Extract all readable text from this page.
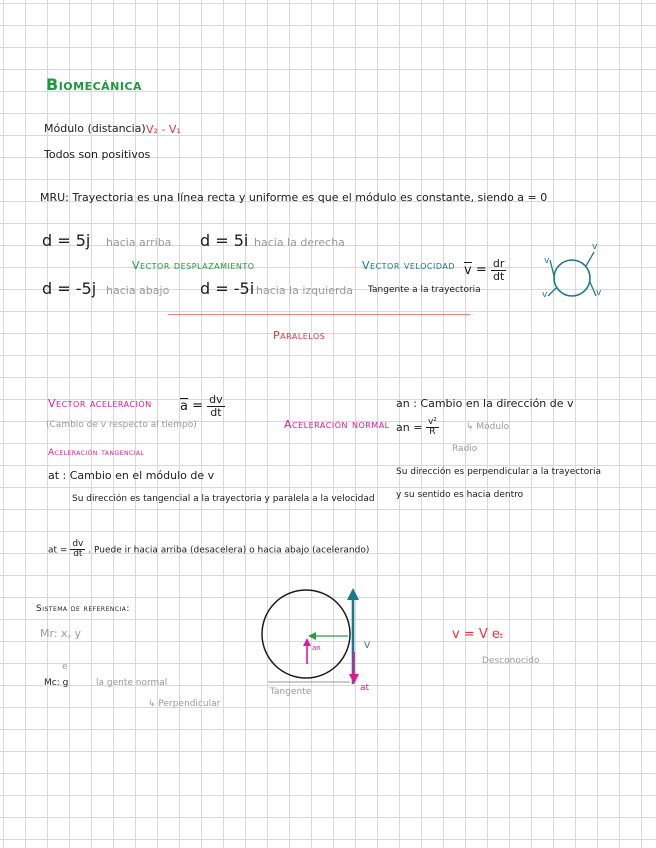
Biomecánica
Módulo (distancia) V₂ - V₁
Todos son positivos
MRU: Trayectoria es una línea recta y uniforme es que el módulo es constante, siendo a = 0
d = 5j hacia arriba d = 5i hacia la derecha
Vector desplazamiento
d = -5j hacia abajo d = -5i hacia la izquierda
Vector velocidad $v = \frac{dr}{dt}$
Tangente a la trayectoria
v
v
v
v
Paralelos
Vector aceleración $a = \frac{dv}{dt}$
(Cambio de v respecto al tiempo)	Aceleración normal
an : Cambio en la dirección de v
an = $\frac{\text{v²}}{R}$	↳ Módulo
Radio
Su dirección es perpendicular a la trayectoria
y su sentido es hacia dentro
Aceleración tangencial
at : Cambio en el módulo de v
Su dirección es tangencial a la trayectoria y paralela a la velocidad
at = $\frac{dv}{dt}$ . Puede ir hacia arriba (desacelera) o hacia abajo (acelerando)
Sistema de referencia:
Mr: x, y
e
Mc: g	la gente normal
↳ Perpendicular
V
at
an
Tangente
v = V eₜ
Desconocido
